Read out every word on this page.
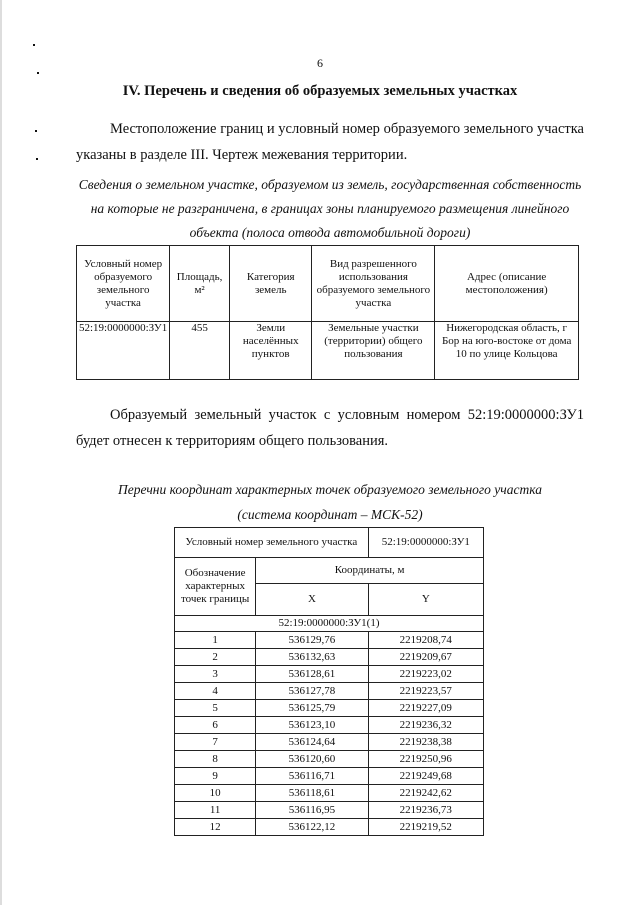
6
IV. Перечень и сведения об образуемых земельных участках
Местоположение границ и условный номер образуемого земельного участка указаны в разделе III. Чертеж межевания территории.
Сведения о земельном участке, образуемом из земель, государственная собственность на которые не разграничена, в границах зоны планируемого размещения линейного объекта (полоса отвода автомобильной дороги)
Условный номер образуемого земельного участка	Площадь, м²	Категория земель	Вид разрешенного использования образуемого земельного участка	Адрес (описание местоположения)
52:19:0000000:ЗУ1	455	Земли населённых пунктов	Земельные участки (территории) общего пользования	Нижегородская область, г Бор на юго-востоке от дома 10 по улице Кольцова
Образуемый земельный участок с условным номером 52:19:0000000:ЗУ1 будет отнесен к территориям общего пользования.
Перечни координат характерных точек образуемого земельного участка
(система координат – МСК-52)
Условный номер земельного участка		52:19:0000000:ЗУ1
Обозначение характерных точек границы	Координаты, м	
	X	Y
52:19:0000000:ЗУ1(1)		
1	536129,76	2219208,74
2	536132,63	2219209,67
3	536128,61	2219223,02
4	536127,78	2219223,57
5	536125,79	2219227,09
6	536123,10	2219236,32
7	536124,64	2219238,38
8	536120,60	2219250,96
9	536116,71	2219249,68
10	536118,61	2219242,62
11	536116,95	2219236,73
12	536122,12	2219219,52
